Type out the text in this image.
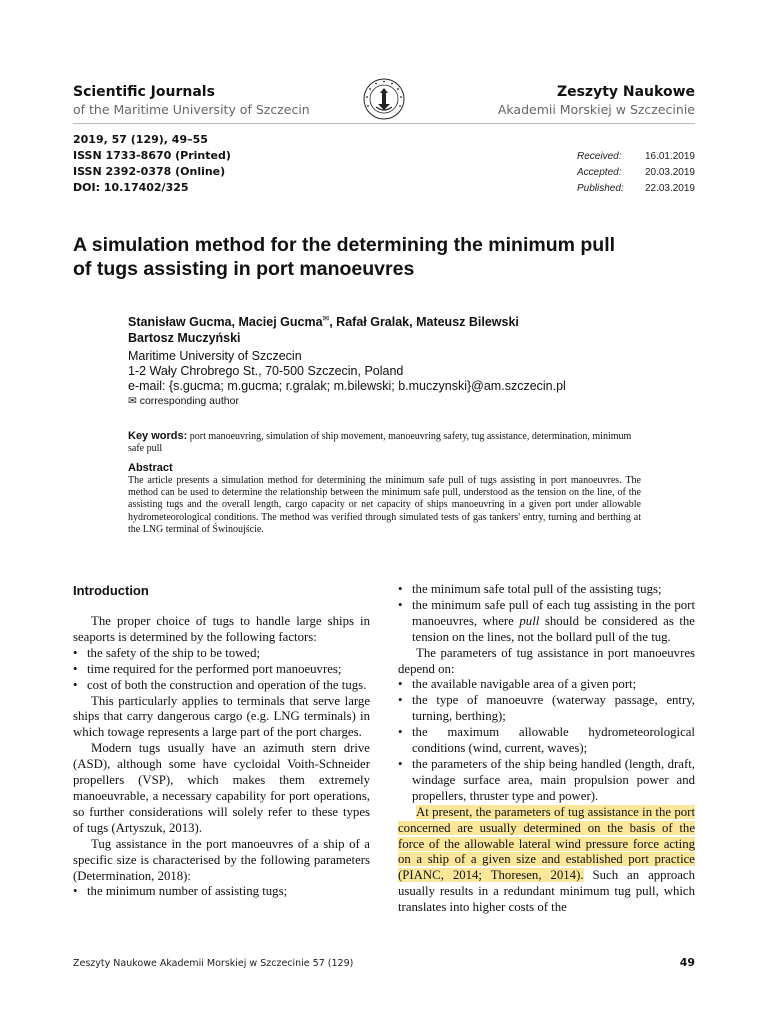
Scientific Journals
of the Maritime University of Szczecin
Zeszyty Naukowe
Akademii Morskiej w Szczecinie
2019, 57 (129), 49–55
ISSN 1733-8670 (Printed)
ISSN 2392-0378 (Online)
DOI: 10.17402/325
Received:	16.01.2019
Accepted:	20.03.2019
Published:	22.03.2019
A simulation method for the determining the minimum pull of tugs assisting in port manoeuvres
Stanisław Gucma, Maciej Gucma✉, Rafał Gralak, Mateusz Bilewski
Bartosz Muczyński
Maritime University of Szczecin
1-2 Wały Chrobrego St., 70-500 Szczecin, Poland
e-mail: {s.gucma; m.gucma; r.gralak; m.bilewski; b.muczynski}@am.szczecin.pl
✉ corresponding author
Key words: port manoeuvring, simulation of ship movement, manoeuvring safety, tug assistance, determination, minimum safe pull
Abstract
The article presents a simulation method for determining the minimum safe pull of tugs assisting in port manoeuvres. The method can be used to determine the relationship between the minimum safe pull, understood as the tension on the line, of the assisting tugs and the overall length, cargo capacity or net capacity of ships manoeuvring in a given port under allowable hydrometeorological conditions. The method was verified through simulated tests of gas tankers' entry, turning and berthing at the LNG terminal of Świnoujście.
Introduction

The proper choice of tugs to handle large ships in seaports is determined by the following factors:

• the safety of the ship to be towed;
• time required for the performed port manoeuvres;
• cost of both the construction and operation of the tugs.

This particularly applies to terminals that serve large ships that carry dangerous cargo (e.g. LNG terminals) in which towage represents a large part of the port charges.

Modern tugs usually have an azimuth stern drive (ASD), although some have cycloidal Voith-Schneider propellers (VSP), which makes them extremely manoeuvrable, a necessary capability for port operations, so further considerations will solely refer to these types of tugs (Artyszuk, 2013).

Tug assistance in the port manoeuvres of a ship of a specific size is characterised by the following parameters (Determination, 2018):

• the minimum number of assisting tugs;
• the minimum safe total pull of the assisting tugs;
• the minimum safe pull of each tug assisting in the port manoeuvres, where pull should be considered as the tension on the lines, not the bollard pull of the tug.

The parameters of tug assistance in port manoeuvres depend on:

• the available navigable area of a given port;
• the type of manoeuvre (waterway passage, entry, turning, berthing);
• the maximum allowable hydrometeorological conditions (wind, current, waves);
• the parameters of the ship being handled (length, draft, windage surface area, main propulsion power and propellers, thruster type and power).

At present, the parameters of tug assistance in the port concerned are usually determined on the basis of the force of the allowable lateral wind pressure force acting on a ship of a given size and established port practice (PIANC, 2014; Thoresen, 2014). Such an approach usually results in a redundant minimum tug pull, which translates into higher costs of the

Zeszyty Naukowe Akademii Morskiej w Szczecinie 57 (129)	49
